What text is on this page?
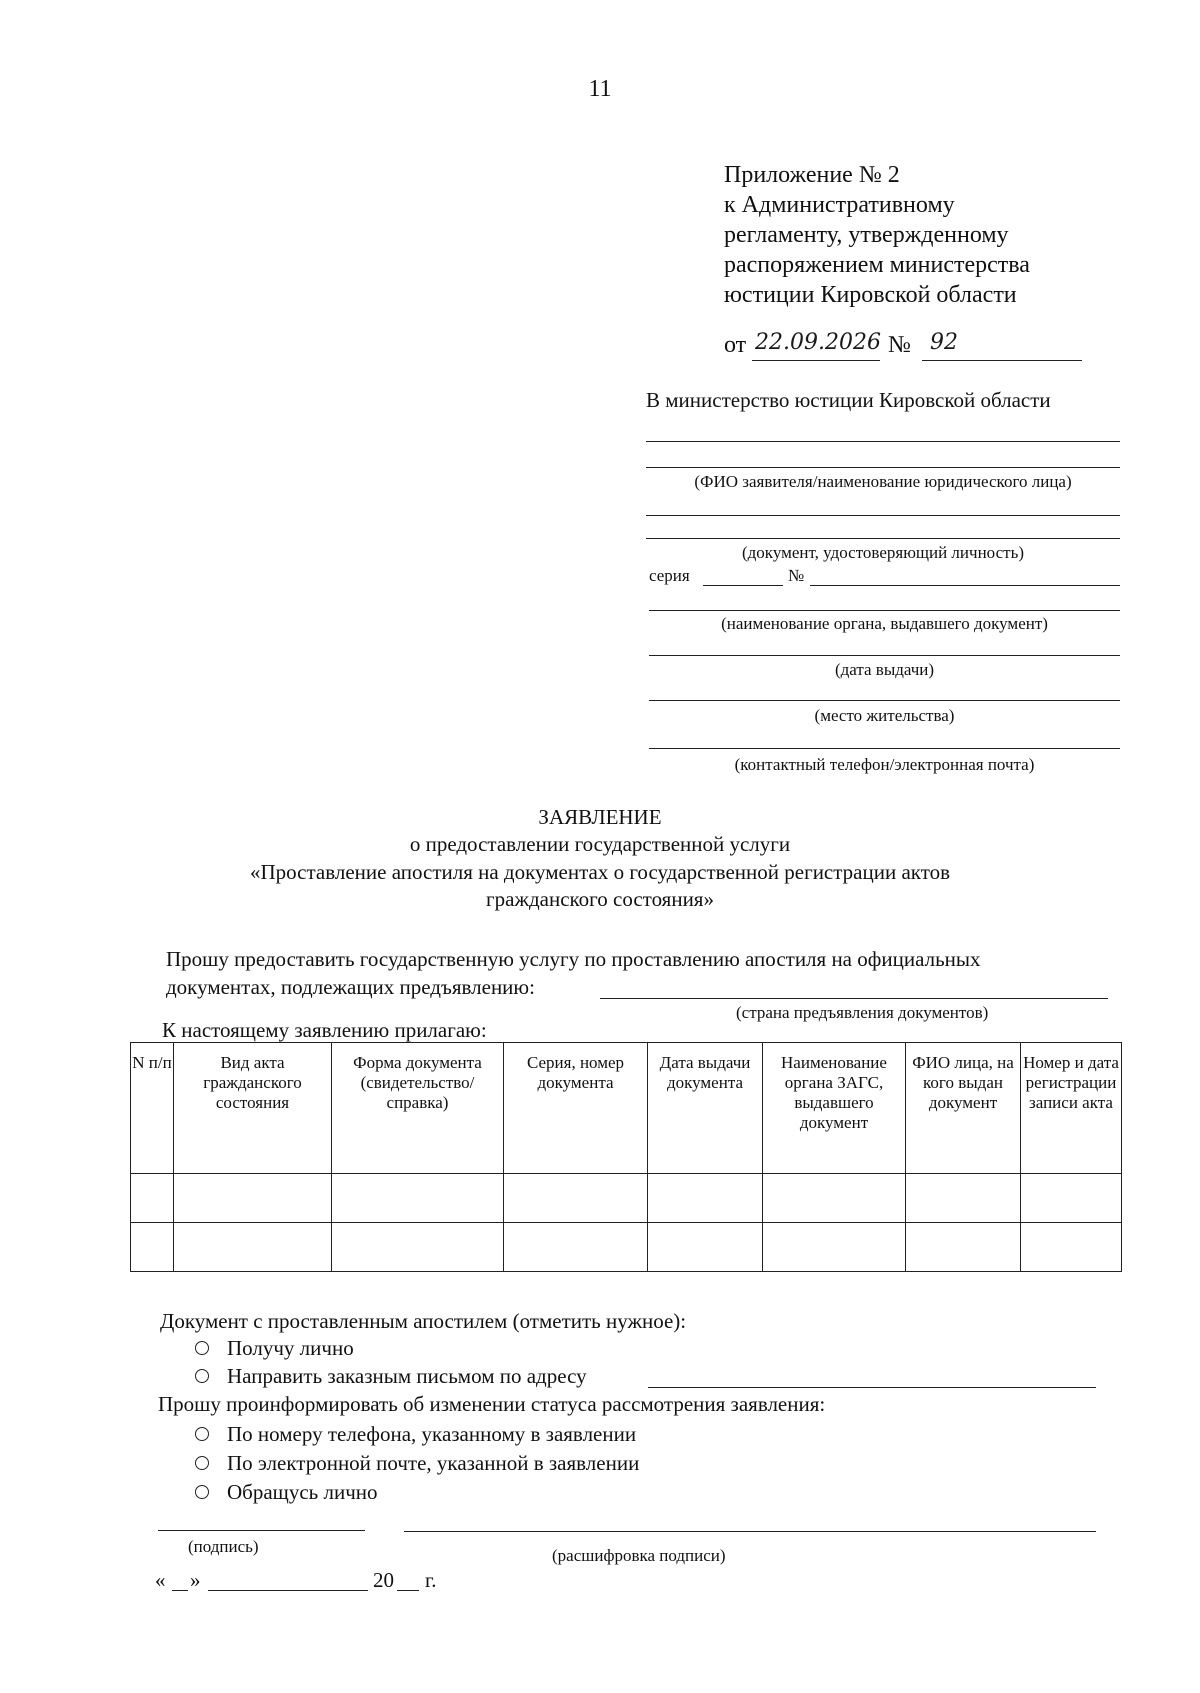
11
Приложение № 2
к Административному
регламенту, утвержденному
распоряжением министерства
юстиции Кировской области
от 22.09.2026 № 92
В министерство юстиции Кировской области
(ФИО заявителя/наименование юридического лица)
(документ, удостоверяющий личность)
серия	№
(наименование органа, выдавшего документ)
(дата выдачи)
(место жительства)
(контактный телефон/электронная почта)
ЗАЯВЛЕНИЕ
о предоставлении государственной услуги
«Проставление апостиля на документах о государственной регистрации актов
гражданского состояния»
Прошу предоставить государственную услугу по проставлению апостиля на официальных
документах, подлежащих предъявлению:
(страна предъявления документов)
К настоящему заявлению прилагаю:
N п/п	Вид акта гражданского состояния	Форма документа (свидетельство/справка)	Серия, номер документа	Дата выдачи документа	Наименование органа ЗАГС, выдавшего документ	ФИО лица, на кого выдан документ	Номер и дата регистрации записи акта

Документ с проставленным апостилем (отметить нужное):
Получу лично
Направить заказным письмом по адресу
Прошу проинформировать об изменении статуса рассмотрения заявления:
По номеру телефона, указанному в заявлении
По электронной почте, указанной в заявлении
Обращусь лично
(подпись)	(расшифровка подписи)
« »	20 г.
